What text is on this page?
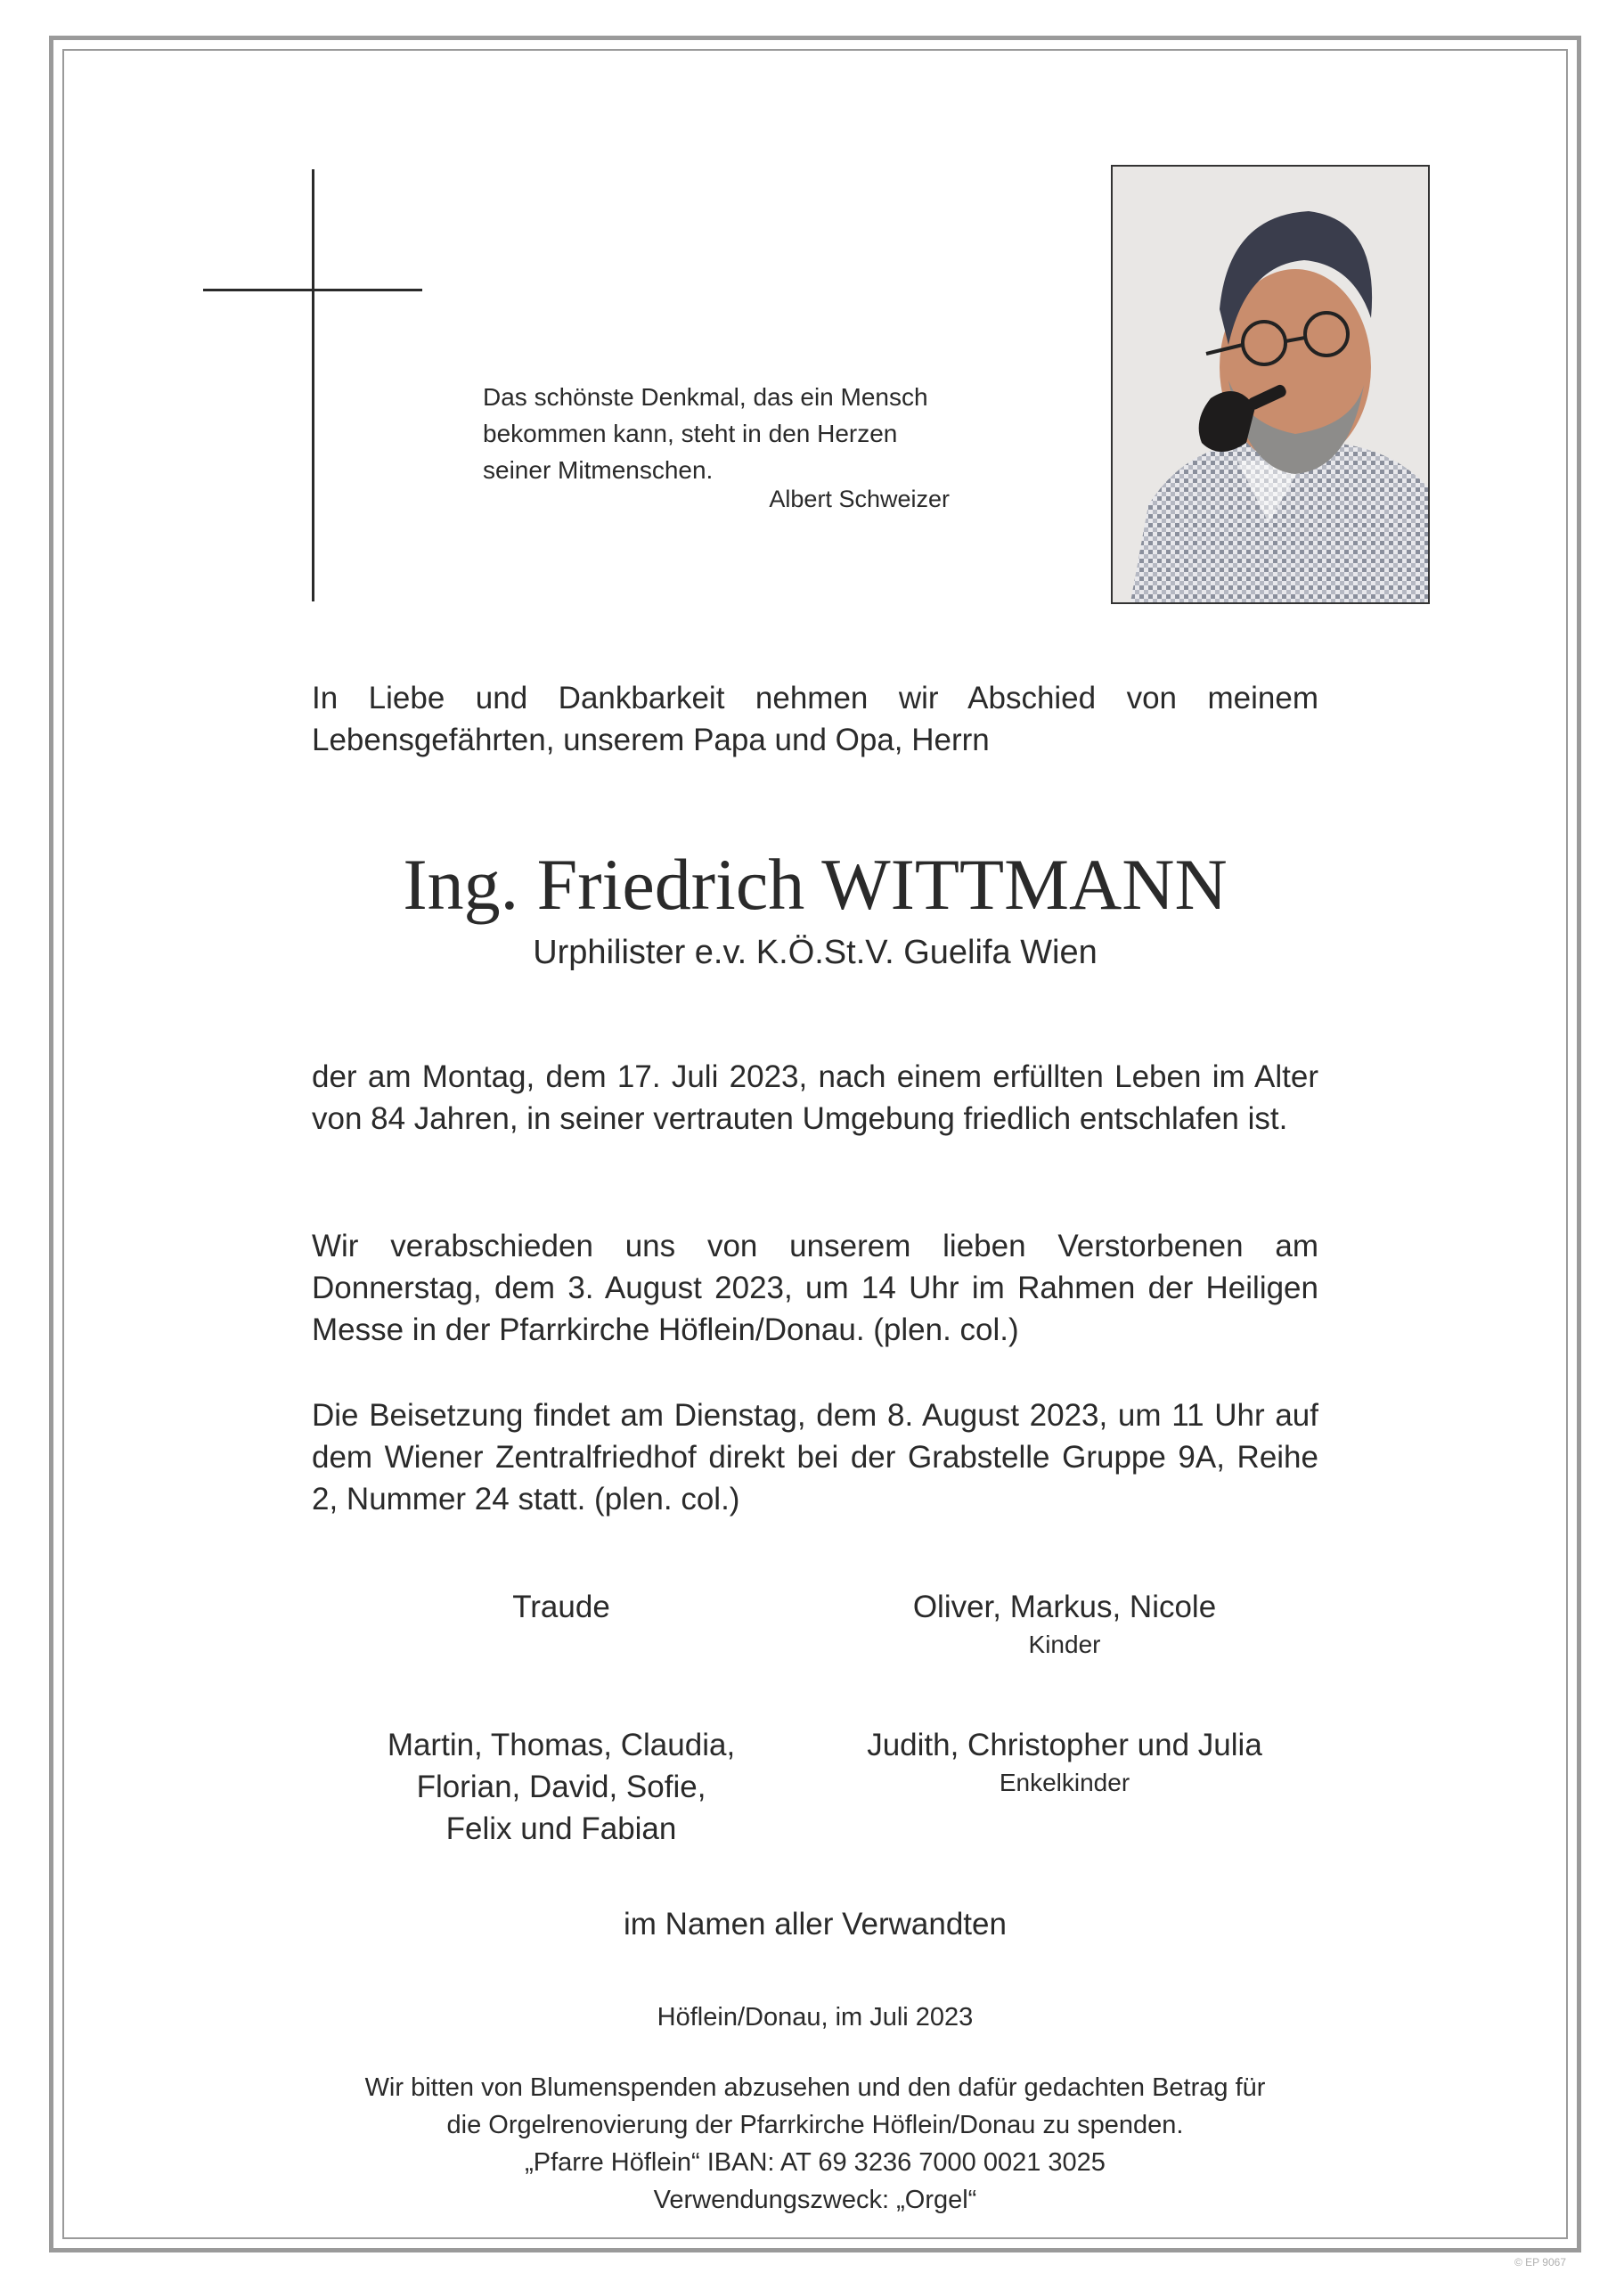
Das schönste Denkmal, das ein Mensch
bekommen kann, steht in den Herzen
seiner Mitmenschen.
Albert Schweizer
In Liebe und Dankbarkeit nehmen wir Abschied von meinem Lebensgefährten, unserem Papa und Opa, Herrn
Ing. Friedrich WITTMANN
Urphilister e.v. K.Ö.St.V. Guelifa Wien
der am Montag, dem 17. Juli 2023, nach einem erfüllten Leben im Alter von 84 Jahren, in seiner vertrauten Umgebung friedlich entschlafen ist.
Wir verabschieden uns von unserem lieben Verstorbenen am Donnerstag, dem 3. August 2023, um 14 Uhr im Rahmen der Heiligen Messe in der Pfarrkirche Höflein/Donau. (plen. col.)
Die Beisetzung findet am Dienstag, dem 8. August 2023, um 11 Uhr auf dem Wiener Zentralfriedhof direkt bei der Grabstelle Gruppe 9A, Reihe 2, Nummer 24 statt. (plen. col.)
Traude	Oliver, Markus, Nicole
Kinder
Martin, Thomas, Claudia,
Florian, David, Sofie,
Felix und Fabian
Judith, Christopher und Julia
Enkelkinder
im Namen aller Verwandten
Höflein/Donau, im Juli 2023
Wir bitten von Blumenspenden abzusehen und den dafür gedachten Betrag für
die Orgelrenovierung der Pfarrkirche Höflein/Donau zu spenden.
„Pfarre Höflein“ IBAN: AT 69 3236 7000 0021 3025
Verwendungszweck: „Orgel“
© EP 9067
